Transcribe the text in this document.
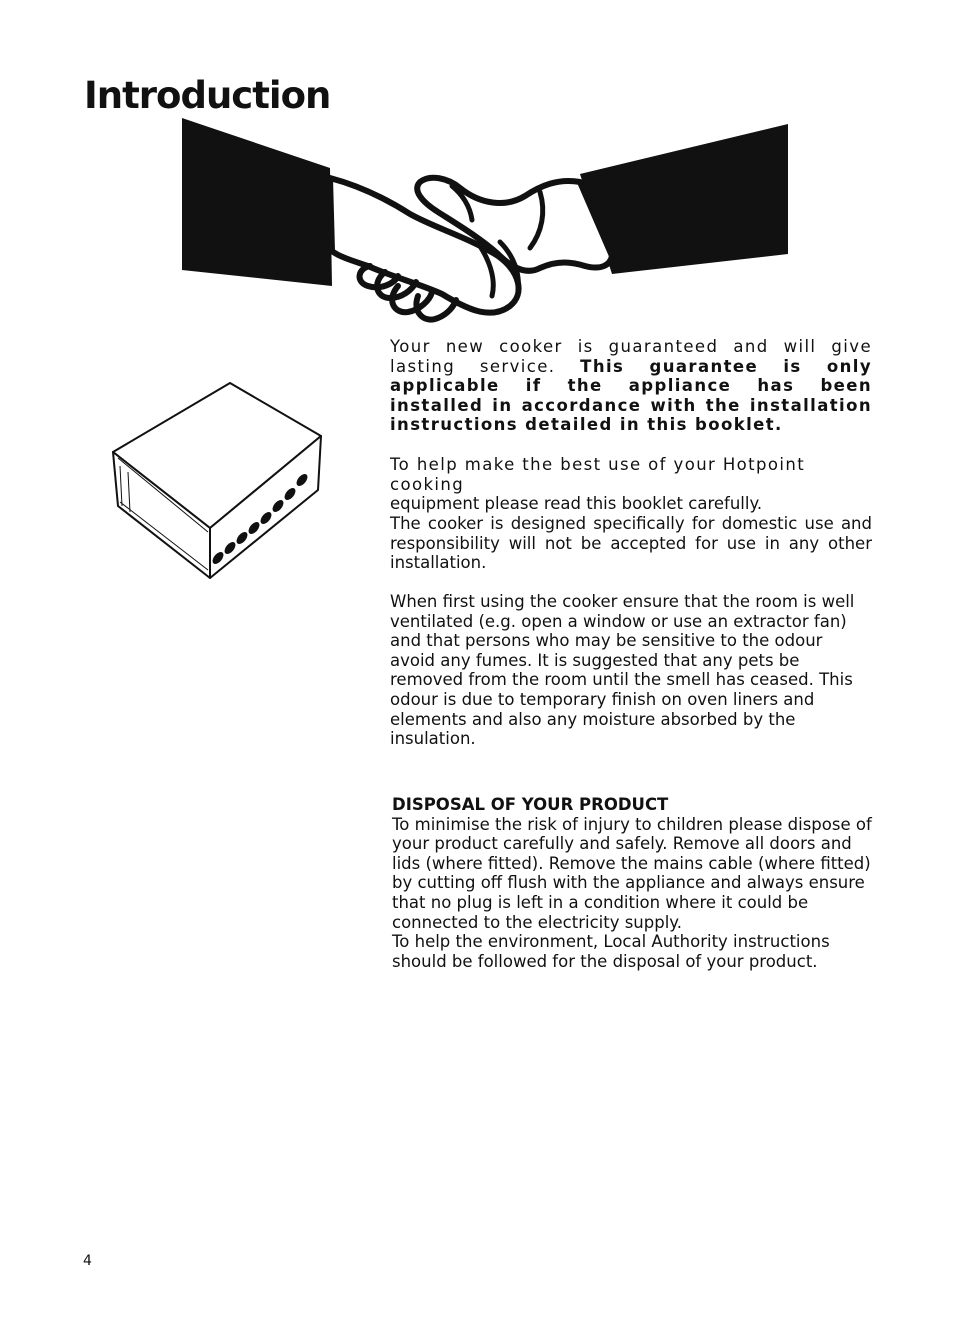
Introduction

Your new cooker is guaranteed and will give lasting service. This guarantee is only applicable if the appliance has been installed in accordance with the installation instructions detailed in this booklet.

To help make the best use of your Hotpoint cooking

equipment please read this booklet carefully.

The cooker is designed specifically for domestic use and responsibility will not be accepted for use in any other installation.

When first using the cooker ensure that the room is well ventilated (e.g. open a window or use an extractor fan) and that persons who may be sensitive to the odour avoid any fumes. It is suggested that any pets be removed from the room until the smell has ceased. This odour is due to temporary finish on oven liners and elements and also any moisture absorbed by the insulation.

DISPOSAL OF YOUR PRODUCT

To minimise the risk of injury to children please dispose of your product carefully and safely. Remove all doors and lids (where fitted). Remove the mains cable (where fitted) by cutting off flush with the appliance and always ensure that no plug is left in a condition where it could be connected to the electricity supply.

To help the environment, Local Authority instructions should be followed for the disposal of your product.

4
